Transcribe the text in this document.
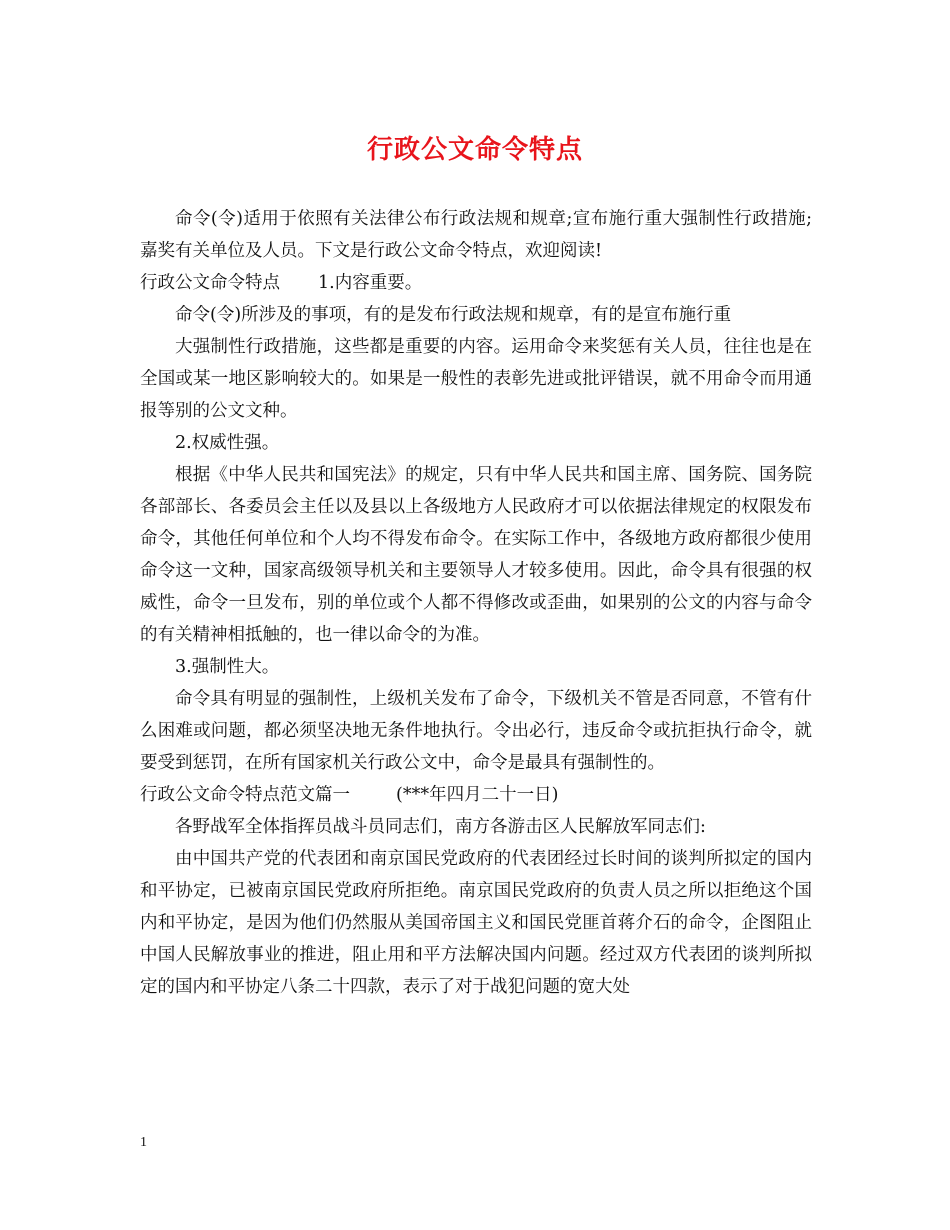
行政公文命令特点

命令(令)适用于依照有关法律公布行政法规和规章;宣布施行重大强制性行政措施;嘉奖有关单位及人员。下文是行政公文命令特点，欢迎阅读!

行政公文命令特点 1.内容重要。

命令(令)所涉及的事项，有的是发布行政法规和规章，有的是宣布施行重

大强制性行政措施，这些都是重要的内容。运用命令来奖惩有关人员，往往也是在全国或某一地区影响较大的。如果是一般性的表彰先进或批评错误，就不用命令而用通报等别的公文文种。

2.权威性强。

根据《中华人民共和国宪法》的规定，只有中华人民共和国主席、国务院、国务院各部部长、各委员会主任以及县以上各级地方人民政府才可以依据法律规定的权限发布命令，其他任何单位和个人均不得发布命令。在实际工作中，各级地方政府都很少使用命令这一文种，国家高级领导机关和主要领导人才较多使用。因此，命令具有很强的权威性，命令一旦发布，别的单位或个人都不得修改或歪曲，如果别的公文的内容与命令的有关精神相抵触的，也一律以命令的为准。

3.强制性大。

命令具有明显的强制性，上级机关发布了命令，下级机关不管是否同意，不管有什么困难或问题，都必须坚决地无条件地执行。令出必行，违反命令或抗拒执行命令，就要受到惩罚，在所有国家机关行政公文中，命令是最具有强制性的。

行政公文命令特点范文篇一	(***年四月二十一日)

各野战军全体指挥员战斗员同志们，南方各游击区人民解放军同志们:

由中国共产党的代表团和南京国民党政府的代表团经过长时间的谈判所拟定的国内和平协定，已被南京国民党政府所拒绝。南京国民党政府的负责人员之所以拒绝这个国内和平协定，是因为他们仍然服从美国帝国主义和国民党匪首蒋介石的命令，企图阻止中国人民解放事业的推进，阻止用和平方法解决国内问题。经过双方代表团的谈判所拟定的国内和平协定八条二十四款，表示了对于战犯问题的宽大处

1
